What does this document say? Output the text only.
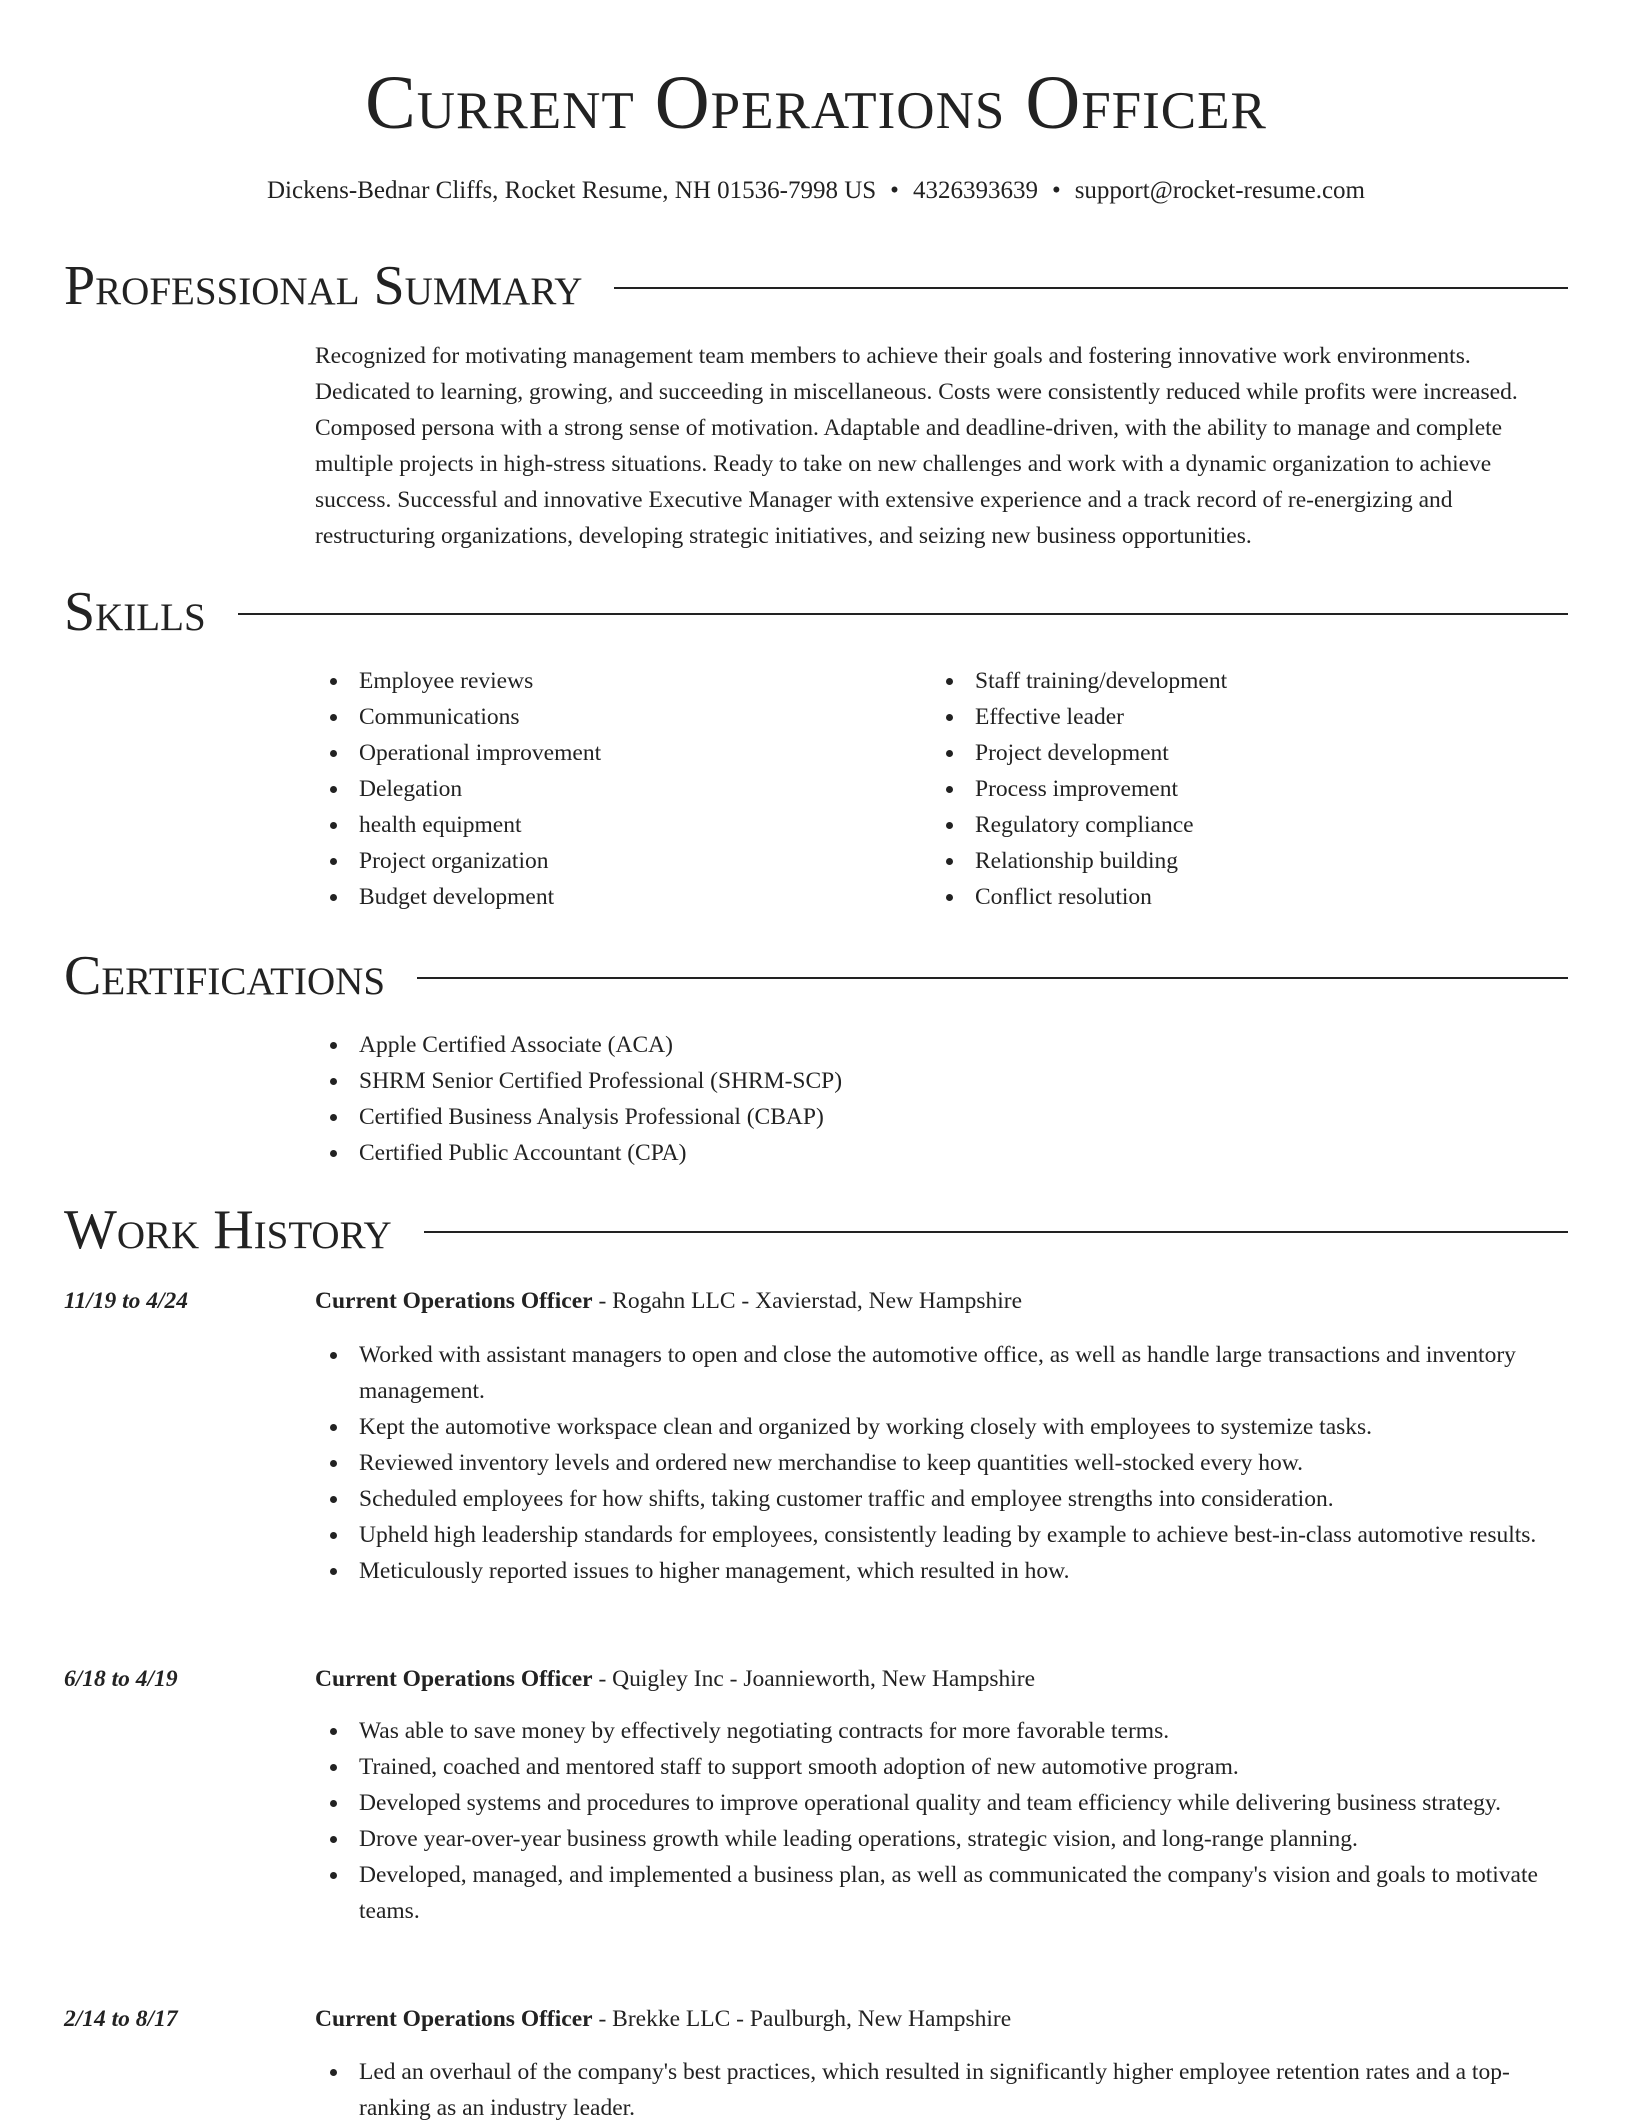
Current Operations Officer
Dickens-Bednar Cliffs, Rocket Resume, NH 01536-7998 US • 4326393639 • support@rocket-resume.com
Professional Summary

Recognized for motivating management team members to achieve their goals and fostering innovative work environments. Dedicated to learning, growing, and succeeding in miscellaneous. Costs were consistently reduced while profits were increased. Composed persona with a strong sense of motivation. Adaptable and deadline-driven, with the ability to manage and complete multiple projects in high-stress situations. Ready to take on new challenges and work with a dynamic organization to achieve success. Successful and innovative Executive Manager with extensive experience and a track record of re-energizing and restructuring organizations, developing strategic initiatives, and seizing new business opportunities.

Skills
Employee reviews
Communications
Operational improvement
Delegation
health equipment
Project organization
Budget development
Staff training/development
Effective leader
Project development
Process improvement
Regulatory compliance
Relationship building
Conflict resolution
Certifications
Apple Certified Associate (ACA)
SHRM Senior Certified Professional (SHRM-SCP)
Certified Business Analysis Professional (CBAP)
Certified Public Accountant (CPA)
Work History
11/19 to 4/24	Current Operations Officer - Rogahn LLC - Xavierstad, New Hampshire
Worked with assistant managers to open and close the automotive office, as well as handle large transactions and inventory management.
Kept the automotive workspace clean and organized by working closely with employees to systemize tasks.
Reviewed inventory levels and ordered new merchandise to keep quantities well-stocked every how.
Scheduled employees for how shifts, taking customer traffic and employee strengths into consideration.
Upheld high leadership standards for employees, consistently leading by example to achieve best-in-class automotive results.
Meticulously reported issues to higher management, which resulted in how.
6/18 to 4/19	Current Operations Officer - Quigley Inc - Joannieworth, New Hampshire
Was able to save money by effectively negotiating contracts for more favorable terms.
Trained, coached and mentored staff to support smooth adoption of new automotive program.
Developed systems and procedures to improve operational quality and team efficiency while delivering business strategy.
Drove year-over-year business growth while leading operations, strategic vision, and long-range planning.
Developed, managed, and implemented a business plan, as well as communicated the company's vision and goals to motivate teams.
2/14 to 8/17	Current Operations Officer - Brekke LLC - Paulburgh, New Hampshire
Led an overhaul of the company's best practices, which resulted in significantly higher employee retention rates and a top-ranking as an industry leader.
